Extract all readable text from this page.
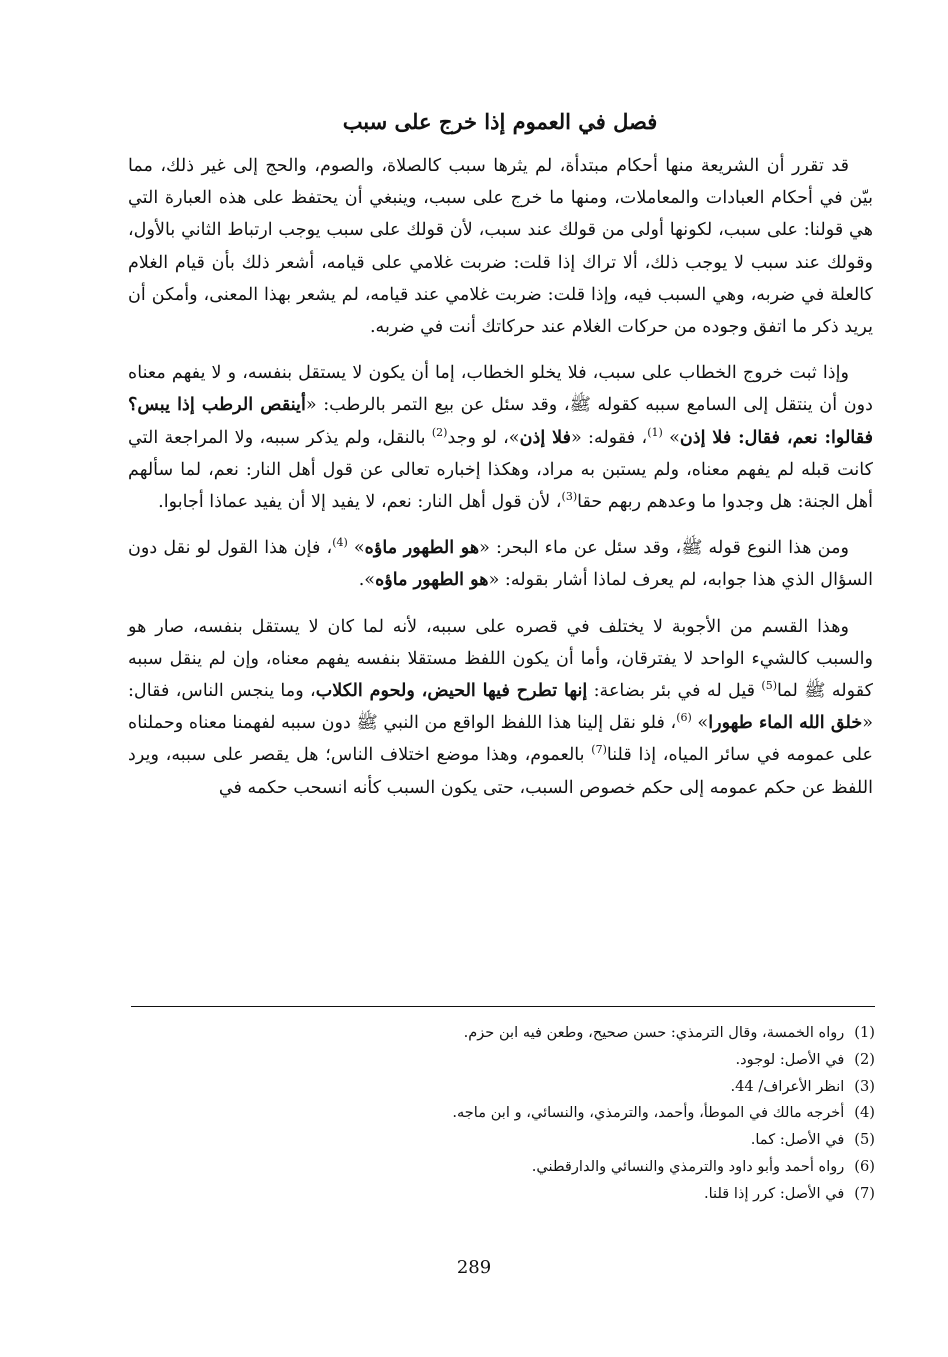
فصل في العموم إذا خرج على سبب

قد تقرر أن الشريعة منها أحكام مبتدأة، لم يثرها سبب كالصلاة، والصوم، والحج إلى غير ذلك، مما بيّن في أحكام العبادات والمعاملات، ومنها ما خرج على سبب، وينبغي أن يحتفظ على هذه العبارة التي هي قولنا: على سبب، لكونها أولى من قولك عند سبب، لأن قولك على سبب يوجب ارتباط الثاني بالأول، وقولك عند سبب لا يوجب ذلك، ألا تراك إذا قلت: ضربت غلامي على قيامه، أشعر ذلك بأن قيام الغلام كالعلة في ضربه، وهي السبب فيه، وإذا قلت: ضربت غلامي عند قيامه، لم يشعر بهذا المعنى، وأمكن أن يريد ذكر ما اتفق وجوده من حركات الغلام عند حركاتك أنت في ضربه.

وإذا ثبت خروج الخطاب على سبب، فلا يخلو الخطاب، إما أن يكون لا يستقل بنفسه، و لا يفهم معناه دون أن ينتقل إلى السامع سببه كقوله ﷺ، وقد سئل عن بيع التمر بالرطب: «أينقص الرطب إذا يبس؟ فقالوا: نعم، فقال: فلا إذن» $^{(1)}$، فقوله: «فلا إذن»، لو وجد$^{(2)}$ بالنقل، ولم يذكر سببه، ولا المراجعة التي كانت قبله لم يفهم معناه، ولم يستبن به مراد، وهكذا إخباره تعالى عن قول أهل النار: نعم، لما سألهم أهل الجنة: هل وجدوا ما وعدهم ربهم حقا$^{(3)}$، لأن قول أهل النار: نعم، لا يفيد إلا أن يفيد عماذا أجابوا.

ومن هذا النوع قوله ﷺ، وقد سئل عن ماء البحر: «هو الطهور ماؤه» $^{(4)}$، فإن هذا القول لو نقل دون السؤال الذي هذا جوابه، لم يعرف لماذا أشار بقوله: «هو الطهور ماؤه».

وهذا القسم من الأجوبة لا يختلف في قصره على سببه، لأنه لما كان لا يستقل بنفسه، صار هو والسبب كالشيء الواحد لا يفترقان، وأما أن يكون اللفظ مستقلا بنفسه يفهم معناه، وإن لم ينقل سببه كقوله ﷺ لما$^{(5)}$ قيل له في بئر بضاعة: إنها تطرح فيها الحيض، ولحوم الكلاب، وما ينجس الناس، فقال: «خلق الله الماء طهورا» $^{(6)}$، فلو نقل إلينا هذا اللفظ الواقع من النبي ﷺ دون سببه لفهمنا معناه وحملناه على عمومه في سائر المياه، إذا قلنا$^{(7)}$ بالعموم، وهذا موضع اختلاف الناس؛ هل يقصر على سببه، ويرد اللفظ عن حكم عمومه إلى حكم خصوص السبب، حتى يكون السبب كأنه انسحب حكمه في

(1) رواه الخمسة، وقال الترمذي: حسن صحيح، وطعن فيه ابن حزم.
(2) في الأصل: لوجود.
(3) انظر الأعراف/ 44.
(4) أخرجه مالك في الموطأ، وأحمد، والترمذي، والنسائي، و ابن ماجه.
(5) في الأصل: كما.
(6) رواه أحمد وأبو داود والترمذي والنسائي والدارقطني.
(7) في الأصل: كرر إذا قلنا.
289
